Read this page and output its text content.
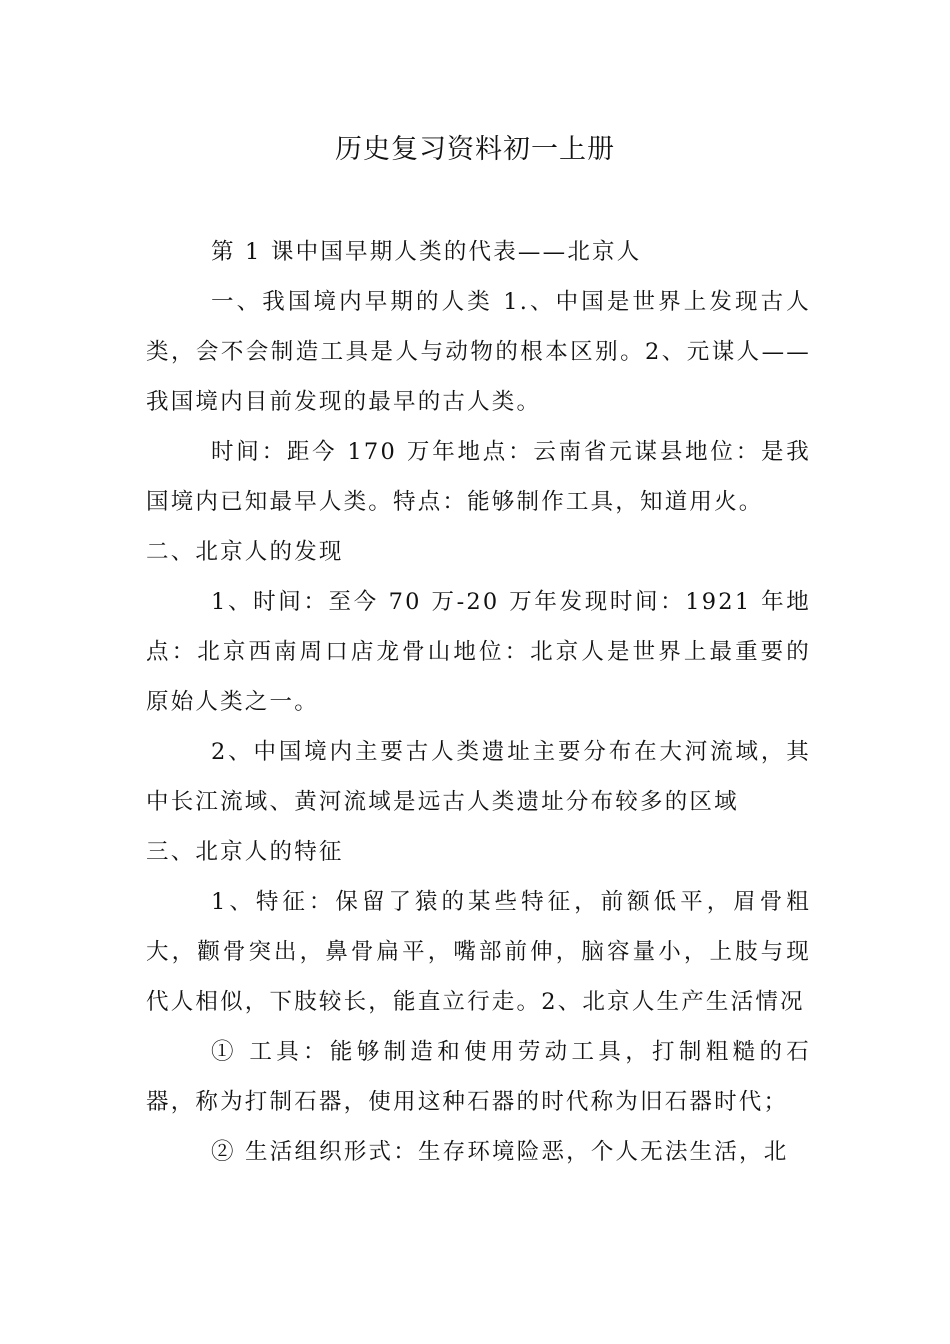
历史复习资料初一上册

第 1 课中国早期人类的代表——北京人

一、我国境内早期的人类 1.、中国是世界上发现古人类，会不会制造工具是人与动物的根本区别。2、元谋人——我国境内目前发现的最早的古人类。

时间：距今 170 万年地点：云南省元谋县地位：是我国境内已知最早人类。特点：能够制作工具，知道用火。

二、北京人的发现

1、时间：至今 70 万-20 万年发现时间：1921 年地点：北京西南周口店龙骨山地位：北京人是世界上最重要的原始人类之一。

2、中国境内主要古人类遗址主要分布在大河流域，其中长江流域、黄河流域是远古人类遗址分布较多的区域

三、北京人的特征

1、特征：保留了猿的某些特征，前额低平，眉骨粗大，颧骨突出，鼻骨扁平，嘴部前伸，脑容量小，上肢与现代人相似，下肢较长，能直立行走。2、北京人生产生活情况

① 工具：能够制造和使用劳动工具，打制粗糙的石器，称为打制石器，使用这种石器的时代称为旧石器时代；

② 生活组织形式：生存环境险恶，个人无法生活，北
